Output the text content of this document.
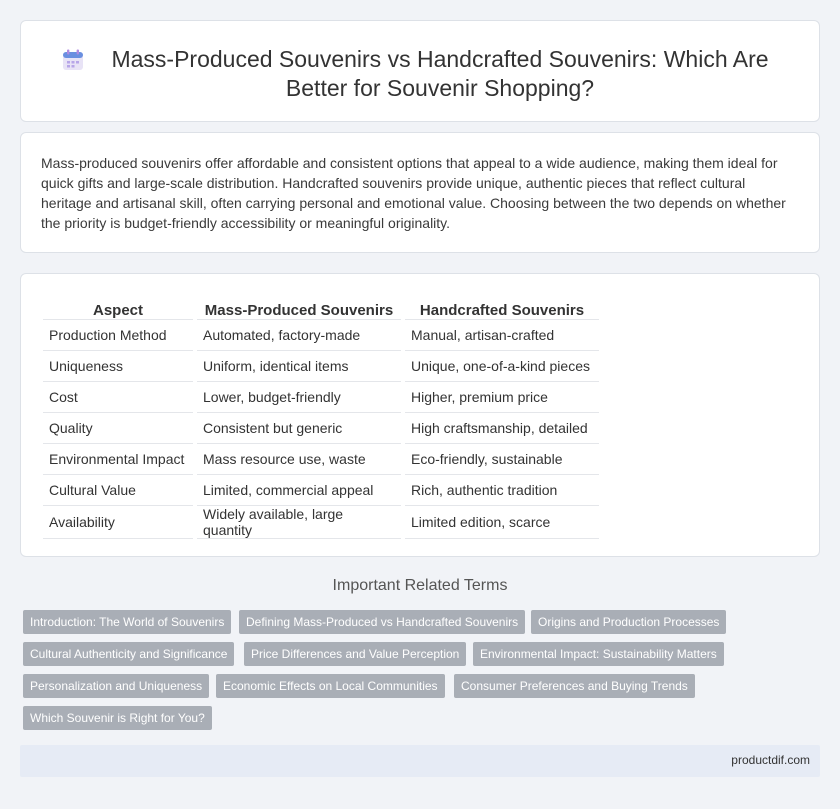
Mass-Produced Souvenirs vs Handcrafted Souvenirs: Which Are Better for Souvenir Shopping?

Mass-produced souvenirs offer affordable and consistent options that appeal to a wide audience, making them ideal for quick gifts and large-scale distribution. Handcrafted souvenirs provide unique, authentic pieces that reflect cultural heritage and artisanal skill, often carrying personal and emotional value. Choosing between the two depends on whether the priority is budget-friendly accessibility or meaningful originality.

Aspect		Mass-Produced Souvenirs		Handcrafted Souvenirs
Production Method		Automated, factory-made		Manual, artisan-crafted
Uniqueness		Uniform, identical items		Unique, one-of-a-kind pieces
Cost		Lower, budget-friendly		Higher, premium price
Quality		Consistent but generic		High craftsmanship, detailed
Environmental Impact		Mass resource use, waste		Eco-friendly, sustainable
Cultural Value		Limited, commercial appeal		Rich, authentic tradition
Availability		Widely available, large quantity		Limited edition, scarce
Important Related Terms
Introduction: The World of Souvenirs	Defining Mass-Produced vs Handcrafted Souvenirs	Origins and Production Processes
Cultural Authenticity and Significance	Price Differences and Value Perception	Environmental Impact: Sustainability Matters
Personalization and Uniqueness	Economic Effects on Local Communities	Consumer Preferences and Buying Trends
Which Souvenir is Right for You?
productdif.com
